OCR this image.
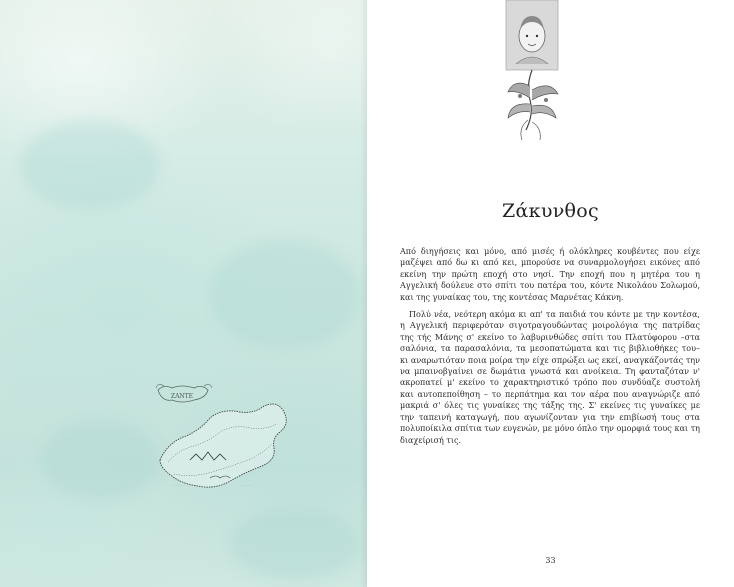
ZANTE
· · · · · · ·
· · · · · ·
Ζάκυνθος

Από διηγήσεις και μόνο, από μισές ή ολόκληρες κουβέντες που είχε μαζέψει από δω κι από κει, μπορούσε να συναρμολογήσει εικόνες από εκείνη την πρώτη εποχή στο νησί. Την εποχή που η μητέρα του η Αγγελική δούλευε στο σπίτι του πατέρα του, κόντε Νικολάου Σολωμού, και της γυναίκας του, της κοντέσας Μαρνέτας Κάκνη.

Πολύ νέα, νεότερη ακόμα κι απ' τα παιδιά του κόντε με την κοντέσα, η Αγγελική περιφερόταν σιγοτραγουδώντας μοιρολόγια της πατρίδας της τής Μάνης σ' εκείνο το λαβυρινθώδες σπίτι του Πλατύφορου –στα σαλόνια, τα παρασαλόνια, τα μεσοπατώματα και τις βιβλιοθήκες του– κι αναρωτιόταν ποια μοίρα την είχε σπρώξει ως εκεί, αναγκάζοντάς την να μπαινοβγαίνει σε δωμάτια γνωστά και ανοίκεια. Τη φανταζόταν ν' ακροπατεί μ' εκείνο το χαρακτηριστικό τρόπο που συνδύαζε συστολή και αυτοπεποίθηση – το περπάτημα και τον αέρα που αναγνώριζε από μακριά σ' όλες τις γυναίκες της τάξης της. Σ' εκείνες τις γυναίκες με την ταπεινή καταγωγή, που αγωνίζονταν για την επιβίωσή τους στα πολυποίκιλα σπίτια των ευγενών, με μόνο όπλο την ομορφιά τους και τη διαχείρισή τις.

33
